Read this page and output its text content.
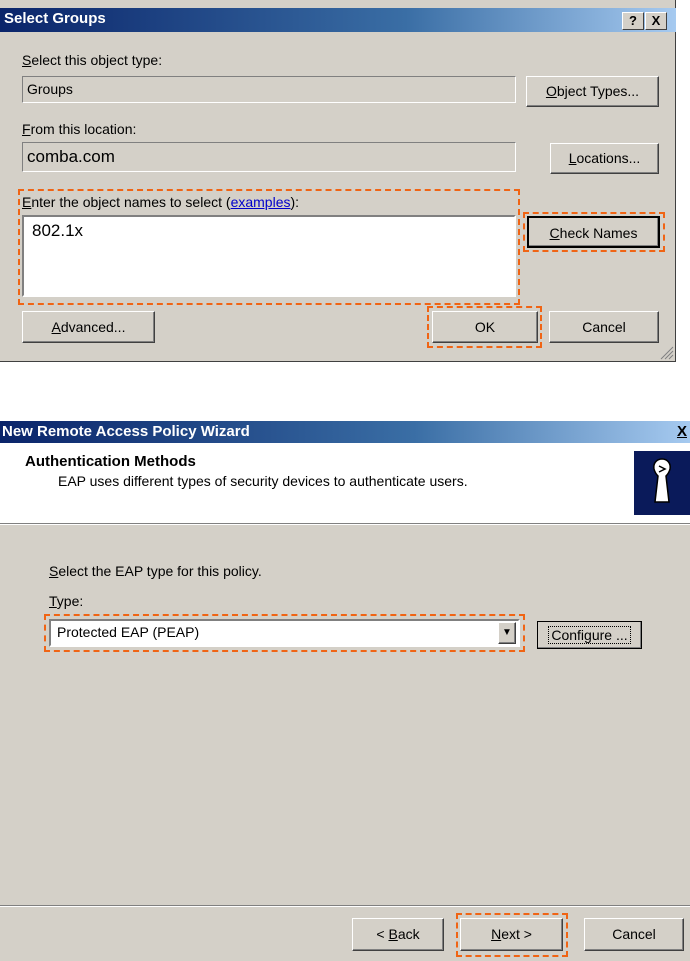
Select Groups	?	X
Select this object type:
Groups	Object Types...
From this location:
comba.com	Locations...
Enter the object names to select (examples):
802.1x	Check Names
Advanced...	OK	Cancel
New Remote Access Policy Wizard	X
Authentication Methods
EAP uses different types of security devices to authenticate users.
Select the EAP type for this policy.
Type:
Protected EAP (PEAP)	▼	Configure ...
< Back	Next >	Cancel
